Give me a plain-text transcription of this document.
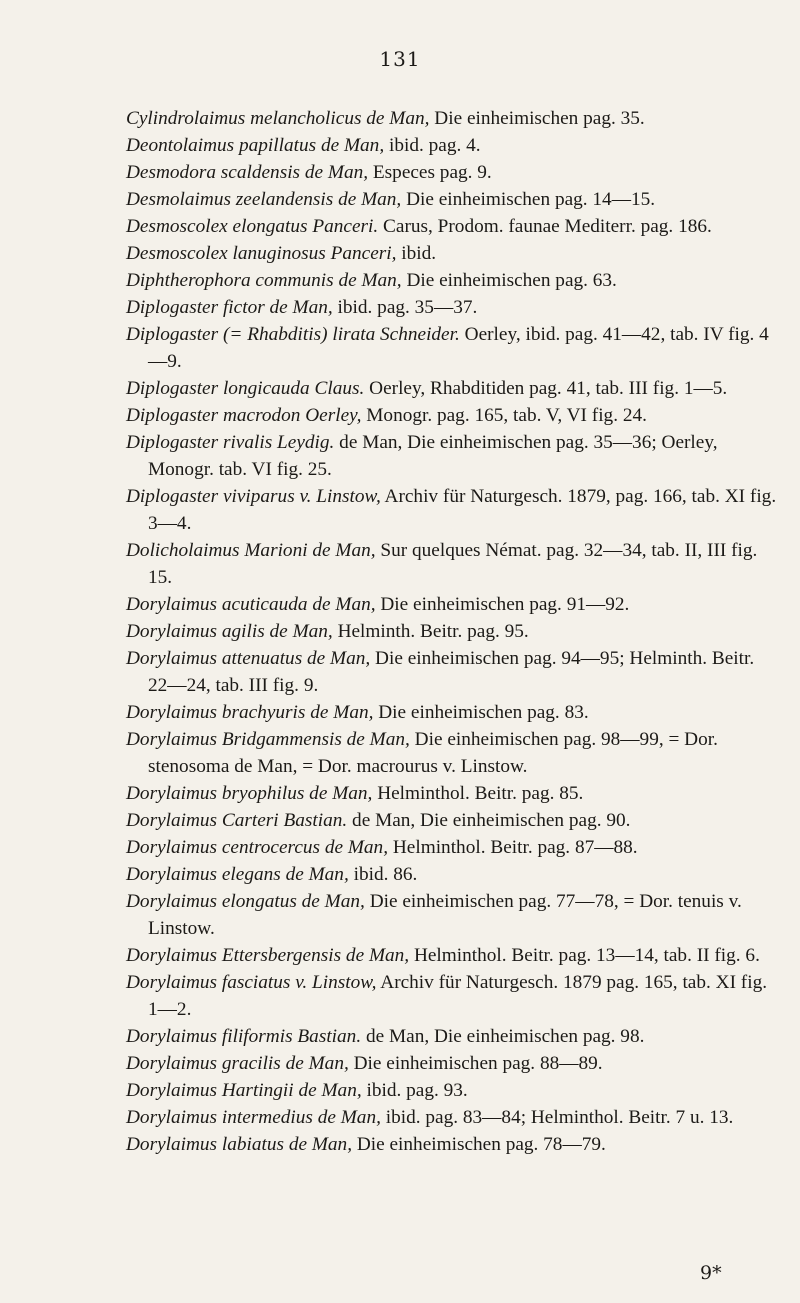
131

Cylindrolaimus melancholicus de Man, Die einheimischen pag. 35.

Deontolaimus papillatus de Man, ibid. pag. 4.

Desmodora scaldensis de Man, Especes pag. 9.

Desmolaimus zeelandensis de Man, Die einheimischen pag. 14—15.

Desmoscolex elongatus Panceri. Carus, Prodom. faunae Mediterr. pag. 186.

Desmoscolex lanuginosus Panceri, ibid.

Diphtherophora communis de Man, Die einheimischen pag. 63.

Diplogaster fictor de Man, ibid. pag. 35—37.

Diplogaster (= Rhabditis) lirata Schneider. Oerley, ibid. pag. 41—42, tab. IV fig. 4—9.

Diplogaster longicauda Claus. Oerley, Rhabditiden pag. 41, tab. III fig. 1—5.

Diplogaster macrodon Oerley, Monogr. pag. 165, tab. V, VI fig. 24.

Diplogaster rivalis Leydig. de Man, Die einheimischen pag. 35—36; Oerley, Monogr. tab. VI fig. 25.

Diplogaster viviparus v. Linstow, Archiv für Naturgesch. 1879, pag. 166, tab. XI fig. 3—4.

Dolicholaimus Marioni de Man, Sur quelques Némat. pag. 32—34, tab. II, III fig. 15.

Dorylaimus acuticauda de Man, Die einheimischen pag. 91—92.

Dorylaimus agilis de Man, Helminth. Beitr. pag. 95.

Dorylaimus attenuatus de Man, Die einheimischen pag. 94—95; Helminth. Beitr. 22—24, tab. III fig. 9.

Dorylaimus brachyuris de Man, Die einheimischen pag. 83.

Dorylaimus Bridgammensis de Man, Die einheimischen pag. 98—99, = Dor. stenosoma de Man, = Dor. macrourus v. Linstow.

Dorylaimus bryophilus de Man, Helminthol. Beitr. pag. 85.

Dorylaimus Carteri Bastian. de Man, Die einheimischen pag. 90.

Dorylaimus centrocercus de Man, Helminthol. Beitr. pag. 87—88.

Dorylaimus elegans de Man, ibid. 86.

Dorylaimus elongatus de Man, Die einheimischen pag. 77—78, = Dor. tenuis v. Linstow.

Dorylaimus Ettersbergensis de Man, Helminthol. Beitr. pag. 13—14, tab. II fig. 6.

Dorylaimus fasciatus v. Linstow, Archiv für Naturgesch. 1879 pag. 165, tab. XI fig. 1—2.

Dorylaimus filiformis Bastian. de Man, Die einheimischen pag. 98.

Dorylaimus gracilis de Man, Die einheimischen pag. 88—89.

Dorylaimus Hartingii de Man, ibid. pag. 93.

Dorylaimus intermedius de Man, ibid. pag. 83—84; Helminthol. Beitr. 7 u. 13.

Dorylaimus labiatus de Man, Die einheimischen pag. 78—79.

9*
